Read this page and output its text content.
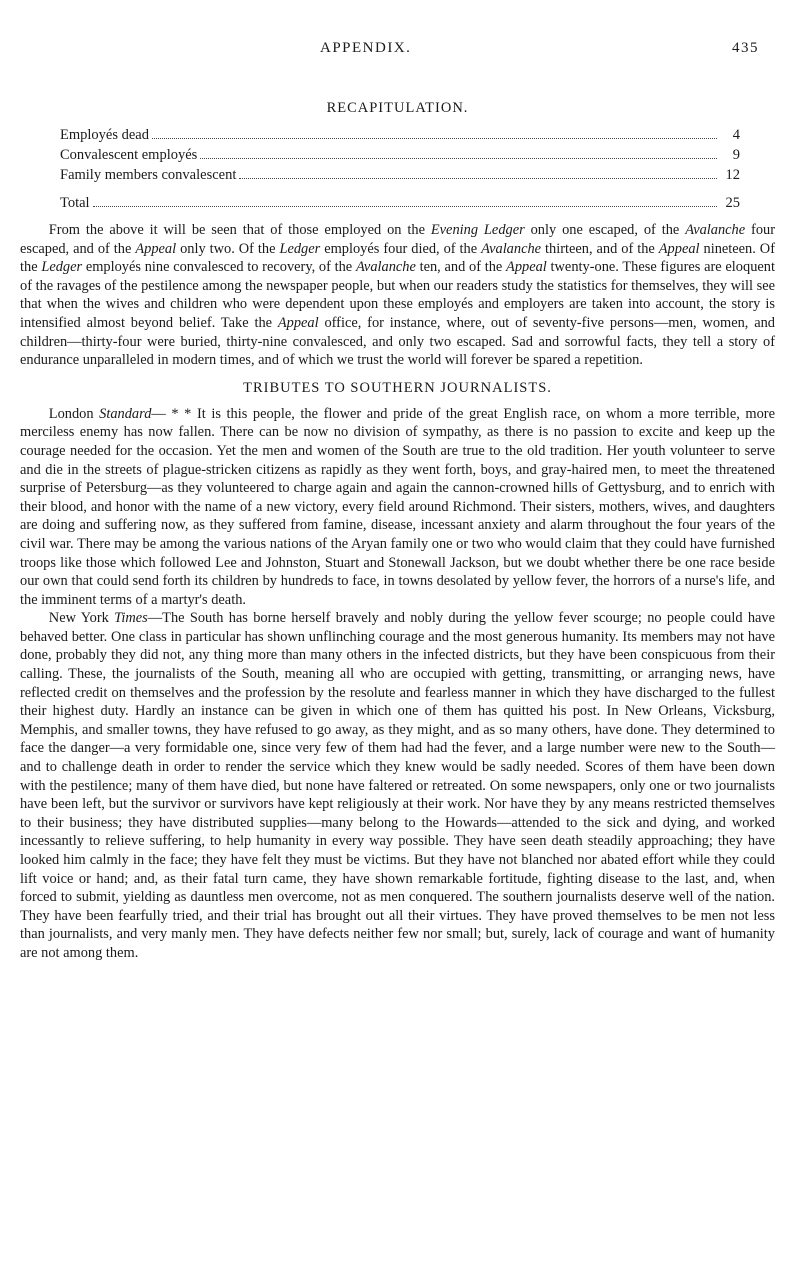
APPENDIX.	435
RECAPITULATION.
Employés dead	4
Convalescent employés	9
Family members convalescent	12
Total	25

From the above it will be seen that of those employed on the Evening Ledger only one escaped, of the Avalanche four escaped, and of the Appeal only two. Of the Ledger employés four died, of the Avalanche thirteen, and of the Appeal nineteen. Of the Ledger employés nine convalesced to recovery, of the Avalanche ten, and of the Appeal twenty-one. These figures are eloquent of the ravages of the pestilence among the newspaper people, but when our readers study the statistics for themselves, they will see that when the wives and children who were dependent upon these employés and employers are taken into account, the story is intensified almost beyond belief. Take the Appeal office, for instance, where, out of seventy-five persons—men, women, and children—thirty-four were buried, thirty-nine convalesced, and only two escaped. Sad and sorrowful facts, they tell a story of endurance unparalleled in modern times, and of which we trust the world will forever be spared a repetition.

TRIBUTES TO SOUTHERN JOURNALISTS.

London Standard— * * It is this people, the flower and pride of the great English race, on whom a more terrible, more merciless enemy has now fallen. There can be now no division of sympathy, as there is no passion to excite and keep up the courage needed for the occasion. Yet the men and women of the South are true to the old tradition. Her youth volunteer to serve and die in the streets of plague-stricken citizens as rapidly as they went forth, boys, and gray-haired men, to meet the threatened surprise of Petersburg—as they volunteered to charge again and again the cannon-crowned hills of Gettysburg, and to enrich with their blood, and honor with the name of a new victory, every field around Richmond. Their sisters, mothers, wives, and daughters are doing and suffering now, as they suffered from famine, disease, incessant anxiety and alarm throughout the four years of the civil war. There may be among the various nations of the Aryan family one or two who would claim that they could have furnished troops like those which followed Lee and Johnston, Stuart and Stonewall Jackson, but we doubt whether there be one race beside our own that could send forth its children by hundreds to face, in towns desolated by yellow fever, the horrors of a nurse's life, and the imminent terms of a martyr's death.

New York Times—The South has borne herself bravely and nobly during the yellow fever scourge; no people could have behaved better. One class in particular has shown unflinching courage and the most generous humanity. Its members may not have done, probably they did not, any thing more than many others in the infected districts, but they have been conspicuous from their calling. These, the journalists of the South, meaning all who are occupied with getting, transmitting, or arranging news, have reflected credit on themselves and the profession by the resolute and fearless manner in which they have discharged to the fullest their highest duty. Hardly an instance can be given in which one of them has quitted his post. In New Orleans, Vicksburg, Memphis, and smaller towns, they have refused to go away, as they might, and as so many others, have done. They determined to face the danger—a very formidable one, since very few of them had had the fever, and a large number were new to the South—and to challenge death in order to render the service which they knew would be sadly needed. Scores of them have been down with the pestilence; many of them have died, but none have faltered or retreated. On some newspapers, only one or two journalists have been left, but the survivor or survivors have kept religiously at their work. Nor have they by any means restricted themselves to their business; they have distributed supplies—many belong to the Howards—attended to the sick and dying, and worked incessantly to relieve suffering, to help humanity in every way possible. They have seen death steadily approaching; they have looked him calmly in the face; they have felt they must be victims. But they have not blanched nor abated effort while they could lift voice or hand; and, as their fatal turn came, they have shown remarkable fortitude, fighting disease to the last, and, when forced to submit, yielding as dauntless men overcome, not as men conquered. The southern journalists deserve well of the nation. They have been fearfully tried, and their trial has brought out all their virtues. They have proved themselves to be men not less than journalists, and very manly men. They have defects neither few nor small; but, surely, lack of courage and want of humanity are not among them.
